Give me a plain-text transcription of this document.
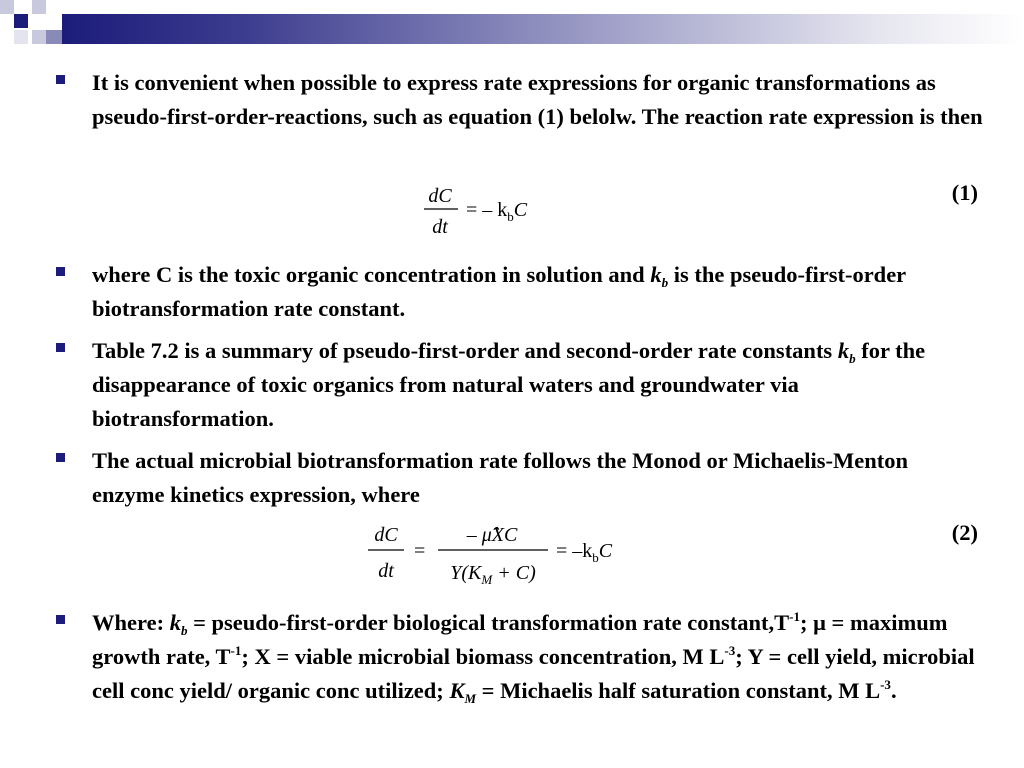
It is convenient when possible to express rate expressions for organic transformations as pseudo-first-order-reactions, such as equation (1) belolw. The reaction rate expression is then
dC
dt
= – $k_bC$
(1)
where C is the toxic organic concentration in solution and $k_b$ is the pseudo-first-order biotransformation rate constant.
Table 7.2 is a summary of pseudo-first-order and second-order rate constants $k_b$ for the disappearance of toxic organics from natural waters and groundwater via biotransformation.
The actual microbial biotransformation rate follows the Monod or Michaelis-Menton enzyme kinetics expression, where
dC
dt
=
– μ̂XC
$Y(K_M + C)$
= $-k_bC$
(2)
Where: $k_b$ = pseudo-first-order biological transformation rate $constant,T^{-1}$; μ = maximum growth rate, $T^{-1}$; X = viable microbial biomass concentration, M $L^{-3}$; Y = cell yield, microbial cell conc yield/ organic conc utilized; $K_M$ = Michaelis half saturation constant, M $L^{-3}$.
